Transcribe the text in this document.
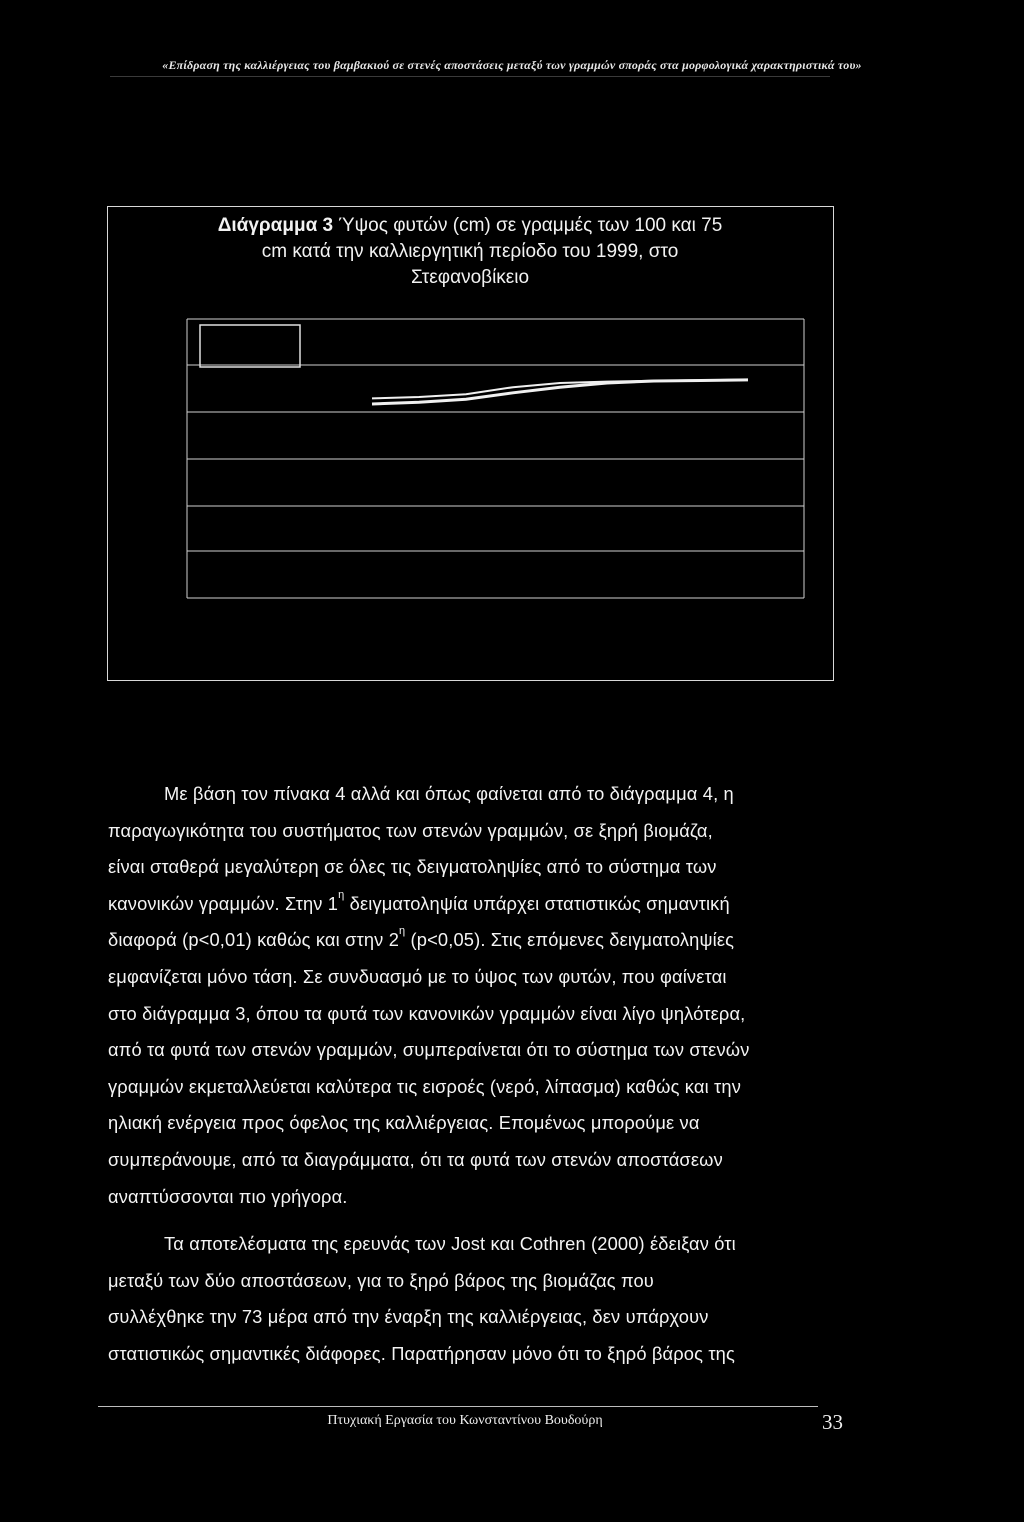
«Επίδραση της καλλιέργειας του βαμβακιού σε στενές αποστάσεις μεταξύ των γραμμών σποράς στα μορφολογικά χαρακτηριστικά του»
Διάγραμμα 3 Ύψος φυτών (cm) σε γραμμές των 100 και 75
cm κατά την καλλιεργητική περίοδο του 1999, στο
Στεφανοβίκειο
Με βάση τον πίνακα 4 αλλά και όπως φαίνεται από το διάγραμμα 4, η
παραγωγικότητα του συστήματος των στενών γραμμών, σε ξηρή βιομάζα,
είναι σταθερά μεγαλύτερη σε όλες τις δειγματοληψίες από το σύστημα των
κανονικών γραμμών. Στην $1^\eta$ δειγματοληψία υπάρχει στατιστικώς σημαντική
διαφορά (p<0,01) καθώς και στην $2^\eta$ (p<0,05). Στις επόμενες δειγματοληψίες
εμφανίζεται μόνο τάση. Σε συνδυασμό με το ύψος των φυτών, που φαίνεται
στο διάγραμμα 3, όπου τα φυτά των κανονικών γραμμών είναι λίγο ψηλότερα,
από τα φυτά των στενών γραμμών, συμπεραίνεται ότι το σύστημα των στενών
γραμμών εκμεταλλεύεται καλύτερα τις εισροές (νερό, λίπασμα) καθώς και την
ηλιακή ενέργεια προς όφελος της καλλιέργειας. Επομένως μπορούμε να
συμπεράνουμε, από τα διαγράμματα, ότι τα φυτά των στενών αποστάσεων
αναπτύσσονται πιο γρήγορα.
Τα αποτελέσματα της ερευνάς των Jost και Cothren (2000) έδειξαν ότι
μεταξύ των δύο αποστάσεων, για το ξηρό βάρος της βιομάζας που
συλλέχθηκε την 73 μέρα από την έναρξη της καλλιέργειας, δεν υπάρχουν
στατιστικώς σημαντικές διάφορες. Παρατήρησαν μόνο ότι το ξηρό βάρος της
Πτυχιακή Εργασία του Κωνσταντίνου Βουδούρη	33
